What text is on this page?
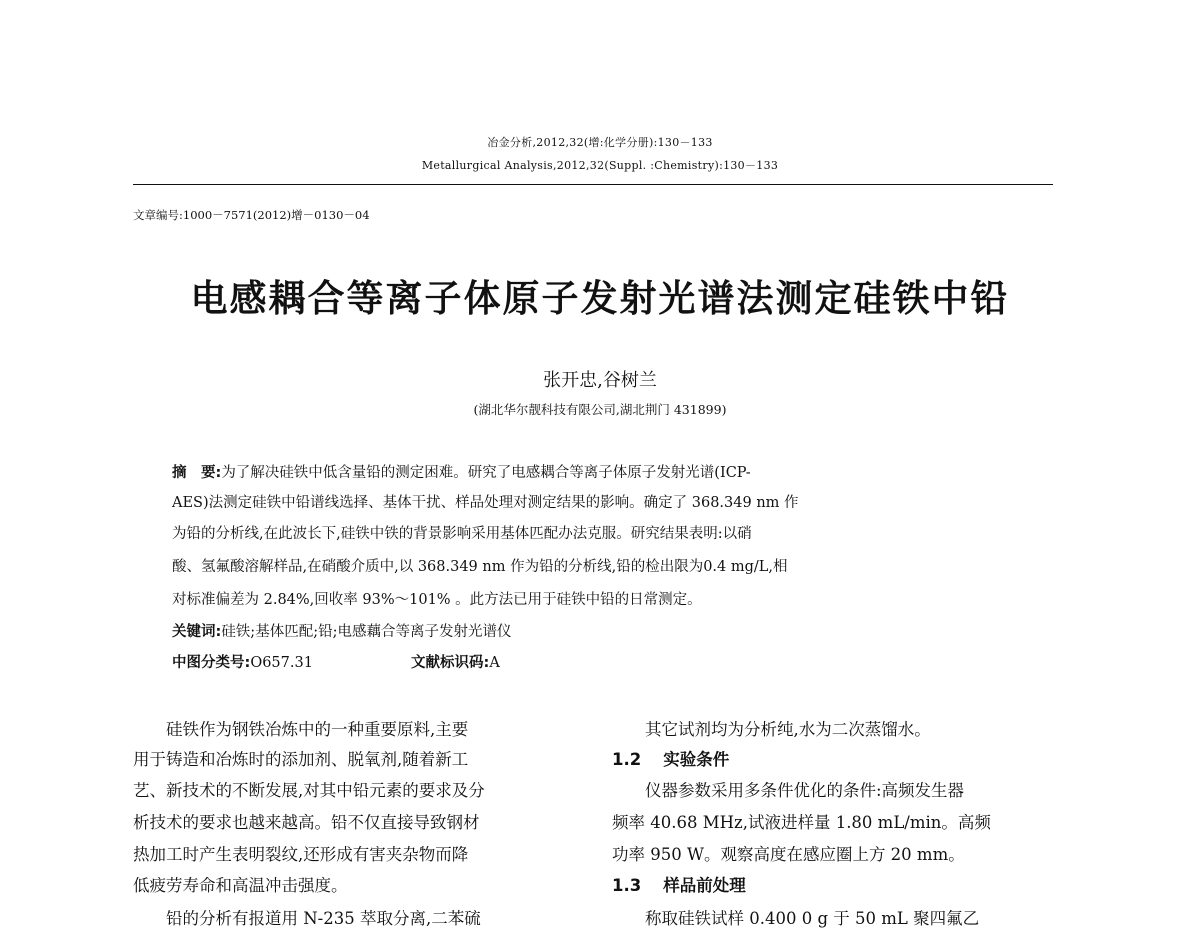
冶金分析,2012,32(增:化学分册):130－133
Metallurgical Analysis,2012,32(Suppl. :Chemistry):130－133
文章编号:1000－7571(2012)增－0130－04
电感耦合等离子体原子发射光谱法测定硅铁中铅
张开忠,谷树兰
(湖北华尔靓科技有限公司,湖北荆门 431899)
摘　要:为了解决硅铁中低含量铅的测定困难。研究了电感耦合等离子体原子发射光谱(ICP-
AES)法测定硅铁中铅谱线选择、基体干扰、样品处理对测定结果的影响。确定了 368.349 nm 作
为铅的分析线,在此波长下,硅铁中铁的背景影响采用基体匹配办法克服。研究结果表明:以硝
酸、氢氟酸溶解样品,在硝酸介质中,以 368.349 nm 作为铅的分析线,铅的检出限为0.4 mg/L,相
对标准偏差为 2.84%,回收率 93%～101% 。此方法已用于硅铁中铅的日常测定。
关键词:硅铁;基体匹配;铅;电感藕合等离子发射光谱仪
中图分类号:O657.31	文献标识码:A
　　硅铁作为钢铁冶炼中的一种重要原料,主要
用于铸造和冶炼时的添加剂、脱氧剂,随着新工
艺、新技术的不断发展,对其中铅元素的要求及分
析技术的要求也越来越高。铅不仅直接导致钢材
热加工时产生表明裂纹,还形成有害夹杂物而降
低疲劳寿命和高温冲击强度。
　　铅的分析有报道用 N-235 萃取分离,二苯硫
　　其它试剂均为分析纯,水为二次蒸馏水。
1.2 实验条件
　　仪器参数采用多条件优化的条件:高频发生器
频率 40.68 MHz,试液进样量 1.80 mL/min。高频
功率 950 W。观察高度在感应圈上方 20 mm。
1.3 样品前处理
　　称取硅铁试样 0.400 0 g 于 50 mL 聚四氟乙
